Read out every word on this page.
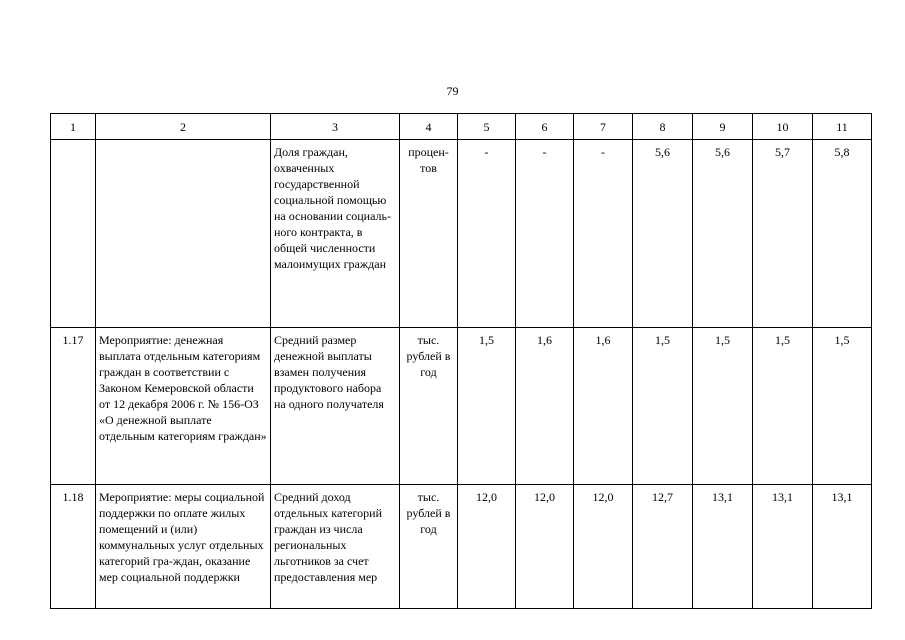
79
1	2	3	4	5	6	7	8	9	10	11
		Доля граждан, охваченных государственной социальной помощью на основании социаль-ного контракта, в общей численности малоимущих граждан	процен-тов	-	-	-	5,6	5,6	5,7	5,8
1.17	Мероприятие: денежная выплата отдельным категориям граждан в соответствии с Законом Кемеровской области от 12 декабря 2006 г. № 156-ОЗ «О денежной выплате отдельным категориям граждан»	Средний размер денежной выплаты взамен получения продуктового набора на одного получателя	тыс. рублей в год	1,5	1,6	1,6	1,5	1,5	1,5	1,5
1.18	Мероприятие: меры социальной поддержки по оплате жилых помещений и (или) коммунальных услуг отдельных категорий гра-ждан, оказание мер социальной поддержки	Средний доход отдельных категорий граждан из числа региональных льготников за счет предоставления мер	тыс. рублей в год	12,0	12,0	12,0	12,7	13,1	13,1	13,1
